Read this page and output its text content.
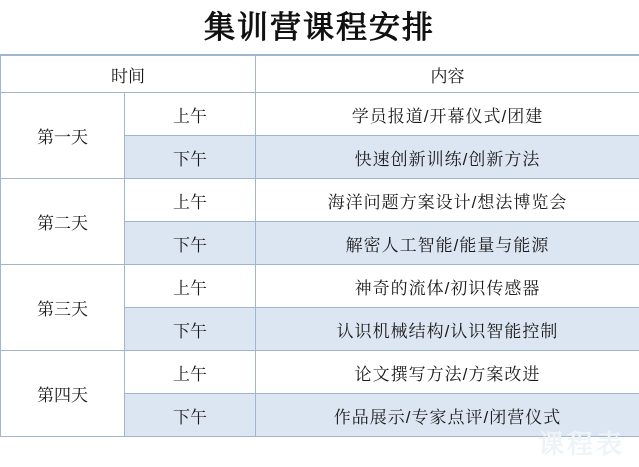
集训营课程安排
时间		内容
第一天	上午	学员报道/开幕仪式/团建
	下午	快速创新训练/创新方法
第二天	上午	海洋问题方案设计/想法博览会
	下午	解密人工智能/能量与能源
第三天	上午	神奇的流体/初识传感器
	下午	认识机械结构/认识智能控制
第四天	上午	论文撰写方法/方案改进
	下午	作品展示/专家点评/闭营仪式
课程表
